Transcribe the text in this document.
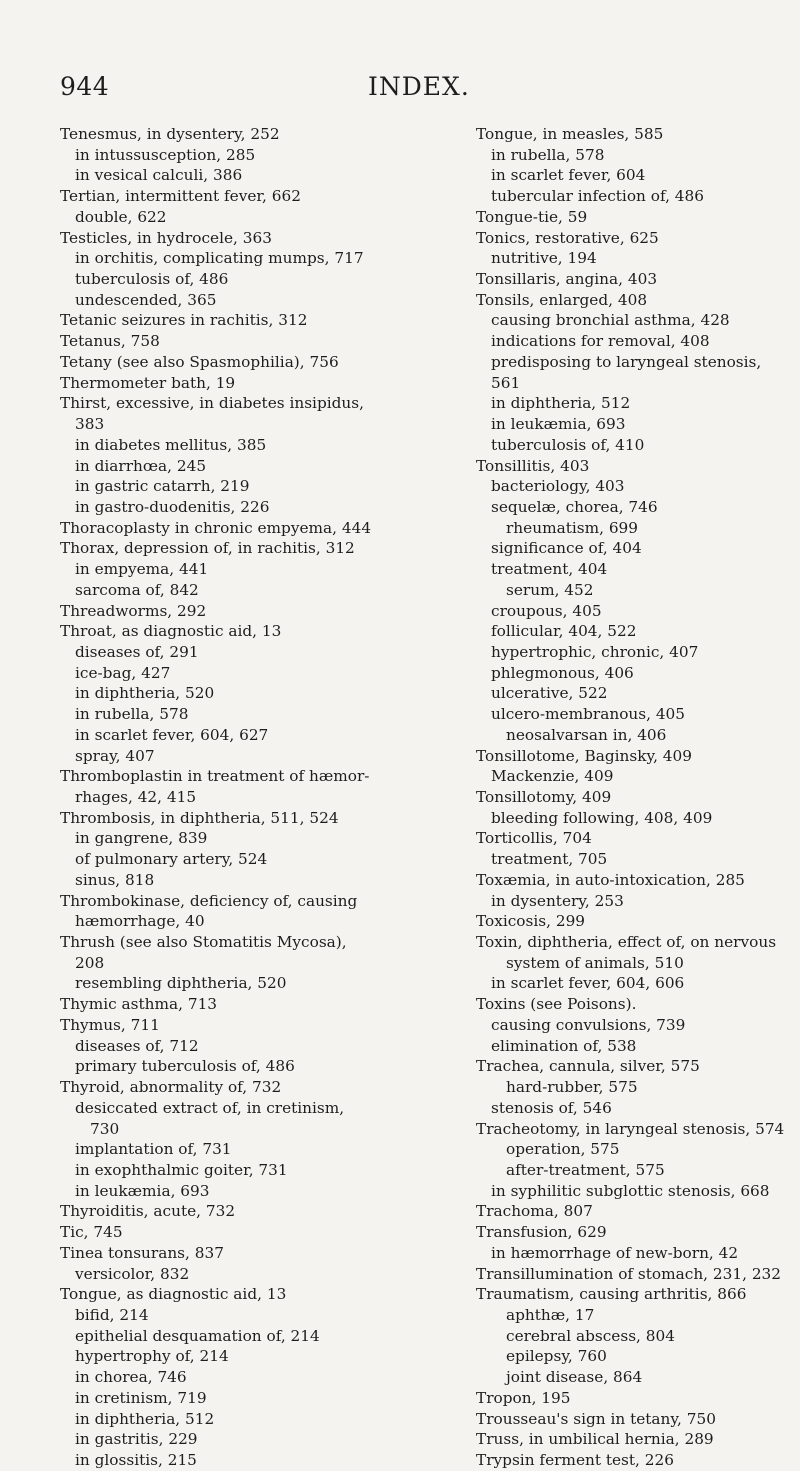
944	INDEX.
Tenesmus, in dysentery, 252
in intussusception, 285
in vesical calculi, 386
Tertian, intermittent fever, 662
double, 622
Testicles, in hydrocele, 363
in orchitis, complicating mumps, 717
tuberculosis of, 486
undescended, 365
Tetanic seizures in rachitis, 312
Tetanus, 758
Tetany (see also Spasmophilia), 756
Thermometer bath, 19
Thirst, excessive, in diabetes insipidus,
383
in diabetes mellitus, 385
in diarrhœa, 245
in gastric catarrh, 219
in gastro-duodenitis, 226
Thoracoplasty in chronic empyema, 444
Thorax, depression of, in rachitis, 312
in empyema, 441
sarcoma of, 842
Threadworms, 292
Throat, as diagnostic aid, 13
diseases of, 291
ice-bag, 427
in diphtheria, 520
in rubella, 578
in scarlet fever, 604, 627
spray, 407
Thromboplastin in treatment of hæmor-
rhages, 42, 415
Thrombosis, in diphtheria, 511, 524
in gangrene, 839
of pulmonary artery, 524
sinus, 818
Thrombokinase, deficiency of, causing
hæmorrhage, 40
Thrush (see also Stomatitis Mycosa),
208
resembling diphtheria, 520
Thymic asthma, 713
Thymus, 711
diseases of, 712
primary tuberculosis of, 486
Thyroid, abnormality of, 732
desiccated extract of, in cretinism,
730
implantation of, 731
in exophthalmic goiter, 731
in leukæmia, 693
Thyroiditis, acute, 732
Tic, 745
Tinea tonsurans, 837
versicolor, 832
Tongue, as diagnostic aid, 13
bifid, 214
epithelial desquamation of, 214
hypertrophy of, 214
in chorea, 746
in cretinism, 719
in diphtheria, 512
in gastritis, 229
in glossitis, 215
Tongue, in measles, 585
in rubella, 578
in scarlet fever, 604
tubercular infection of, 486
Tongue-tie, 59
Tonics, restorative, 625
nutritive, 194
Tonsillaris, angina, 403
Tonsils, enlarged, 408
causing bronchial asthma, 428
indications for removal, 408
predisposing to laryngeal stenosis,
561
in diphtheria, 512
in leukæmia, 693
tuberculosis of, 410
Tonsillitis, 403
bacteriology, 403
sequelæ, chorea, 746
rheumatism, 699
significance of, 404
treatment, 404
serum, 452
croupous, 405
follicular, 404, 522
hypertrophic, chronic, 407
phlegmonous, 406
ulcerative, 522
ulcero-membranous, 405
neosalvarsan in, 406
Tonsillotome, Baginsky, 409
Mackenzie, 409
Tonsillotomy, 409
bleeding following, 408, 409
Torticollis, 704
treatment, 705
Toxæmia, in auto-intoxication, 285
in dysentery, 253
Toxicosis, 299
Toxin, diphtheria, effect of, on nervous
system of animals, 510
in scarlet fever, 604, 606
Toxins (see Poisons).
causing convulsions, 739
elimination of, 538
Trachea, cannula, silver, 575
hard-rubber, 575
stenosis of, 546
Tracheotomy, in laryngeal stenosis, 574
operation, 575
after-treatment, 575
in syphilitic subglottic stenosis, 668
Trachoma, 807
Transfusion, 629
in hæmorrhage of new-born, 42
Transillumination of stomach, 231, 232
Traumatism, causing arthritis, 866
aphthæ, 17
cerebral abscess, 804
epilepsy, 760
joint disease, 864
Tropon, 195
Trousseau's sign in tetany, 750
Truss, in umbilical hernia, 289
Trypsin ferment test, 226
